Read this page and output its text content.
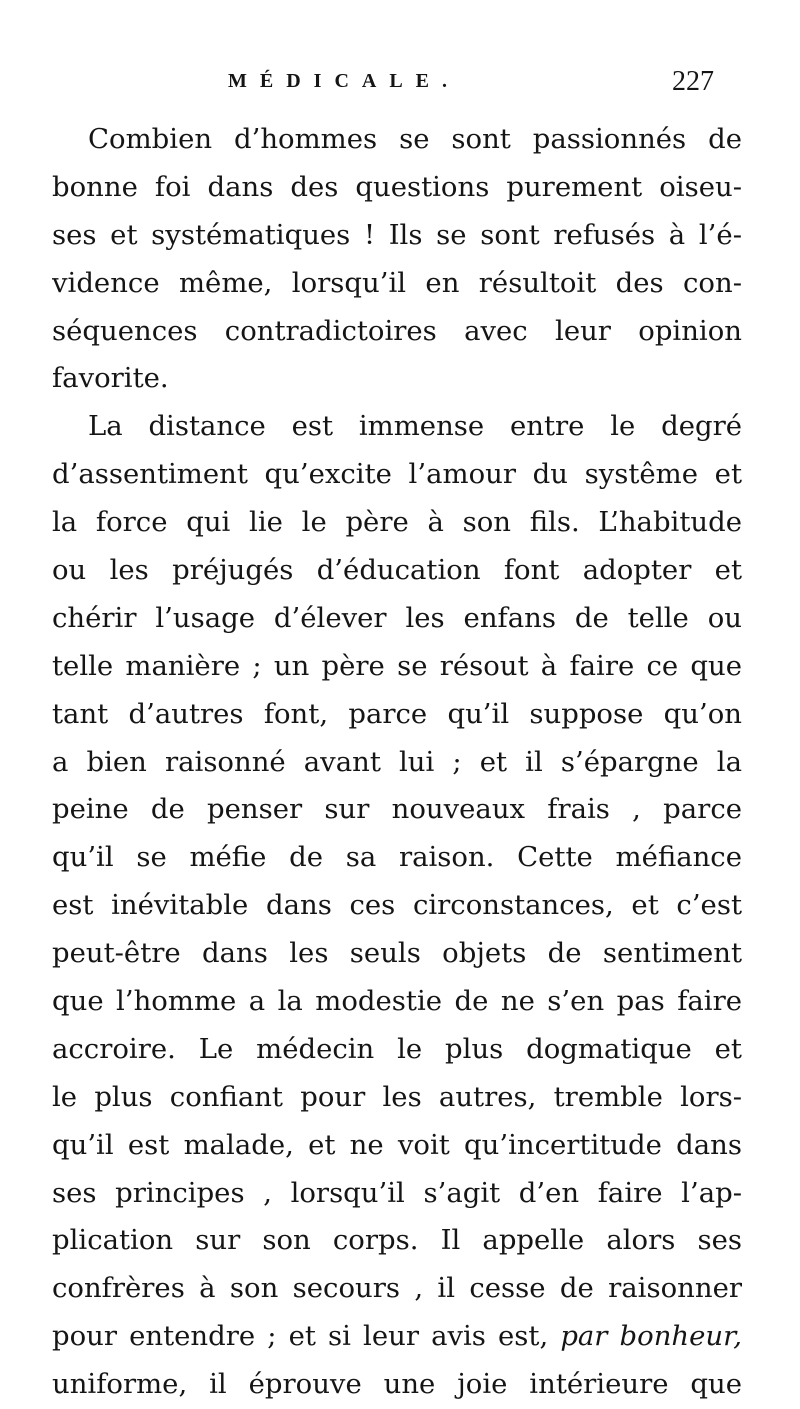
MÉDICALE.	227
Combien d’hommes se sont passionnés de
bonne foi dans des questions purement oiseu-
ses et systématiques ! Ils se sont refusés à l’é-
vidence même, lorsqu’il en résultoit des con-
séquences contradictoires avec leur opinion
favorite.
La distance est immense entre le degré
d’assentiment qu’excite l’amour du systême et
la force qui lie le père à son fils. L’habitude
ou les préjugés d’éducation font adopter et
chérir l’usage d’élever les enfans de telle ou
telle manière ; un père se résout à faire ce que
tant d’autres font, parce qu’il suppose qu’on
a bien raisonné avant lui ; et il s’épargne la
peine de penser sur nouveaux frais , parce
qu’il se méfie de sa raison. Cette méfiance
est inévitable dans ces circonstances, et c’est
peut-être dans les seuls objets de sentiment
que l’homme a la modestie de ne s’en pas faire
accroire. Le médecin le plus dogmatique et
le plus confiant pour les autres, tremble lors-
qu’il est malade, et ne voit qu’incertitude dans
ses principes , lorsqu’il s’agit d’en faire l’ap-
plication sur son corps. Il appelle alors ses
confrères à son secours , il cesse de raisonner
pour entendre ; et si leur avis est, par bonheur,
uniforme, il éprouve une joie intérieure que
